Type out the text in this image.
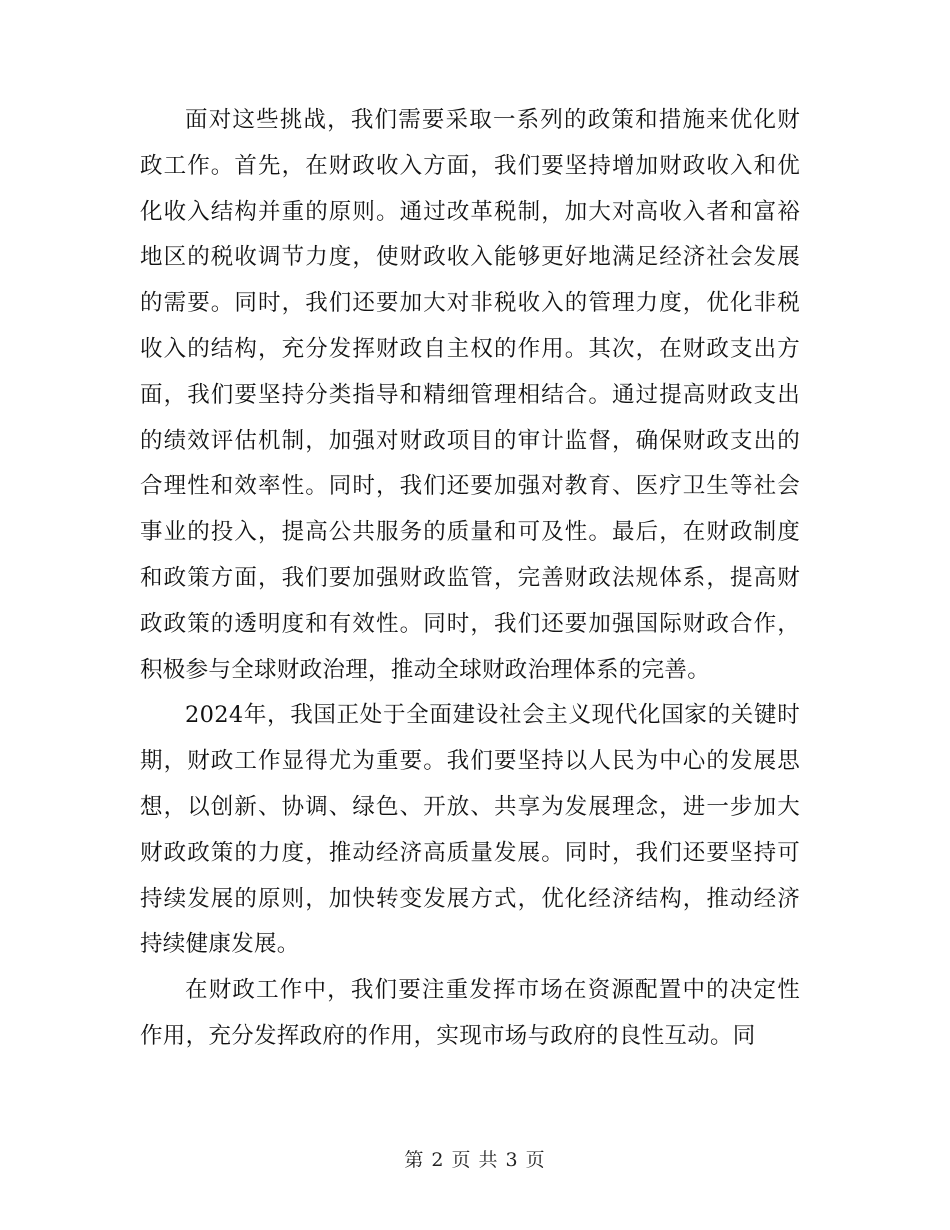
面对这些挑战，我们需要采取一系列的政策和措施来优化财政工作。首先，在财政收入方面，我们要坚持增加财政收入和优化收入结构并重的原则。通过改革税制，加大对高收入者和富裕地区的税收调节力度，使财政收入能够更好地满足经济社会发展的需要。同时，我们还要加大对非税收入的管理力度，优化非税收入的结构，充分发挥财政自主权的作用。其次，在财政支出方面，我们要坚持分类指导和精细管理相结合。通过提高财政支出的绩效评估机制，加强对财政项目的审计监督，确保财政支出的合理性和效率性。同时，我们还要加强对教育、医疗卫生等社会事业的投入，提高公共服务的质量和可及性。最后，在财政制度和政策方面，我们要加强财政监管，完善财政法规体系，提高财政政策的透明度和有效性。同时，我们还要加强国际财政合作，积极参与全球财政治理，推动全球财政治理体系的完善。

2024年，我国正处于全面建设社会主义现代化国家的关键时期，财政工作显得尤为重要。我们要坚持以人民为中心的发展思想，以创新、协调、绿色、开放、共享为发展理念，进一步加大财政政策的力度，推动经济高质量发展。同时，我们还要坚持可持续发展的原则，加快转变发展方式，优化经济结构，推动经济持续健康发展。

在财政工作中，我们要注重发挥市场在资源配置中的决定性作用，充分发挥政府的作用，实现市场与政府的良性互动。同

第 2 页 共 3 页
